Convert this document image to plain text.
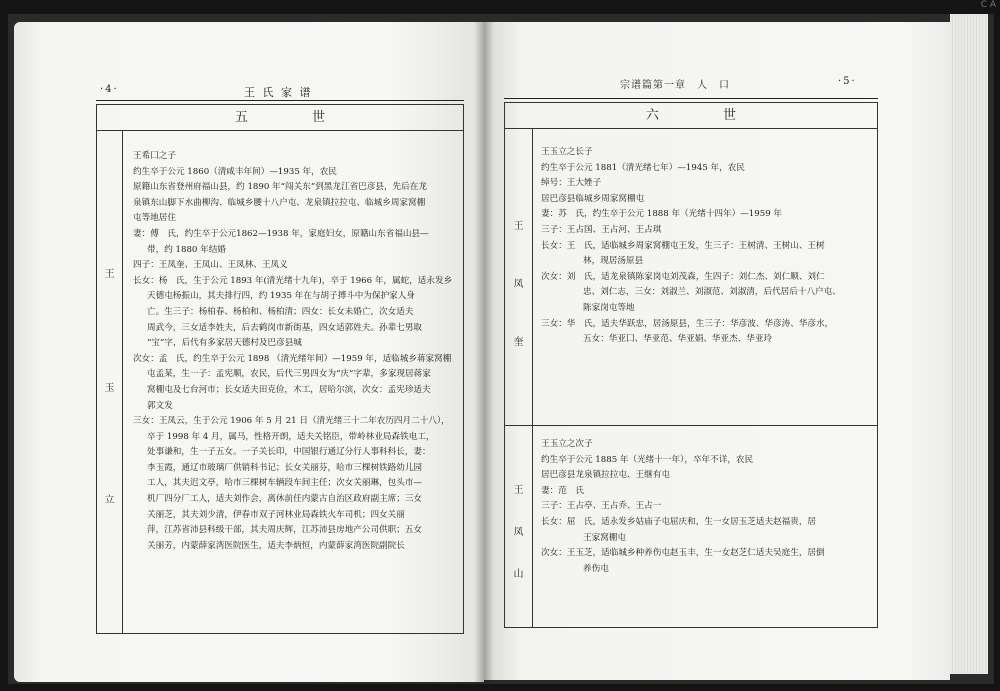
C A
·4·	王 氏 家 谱
五 世
王
玉
立

王希囗之子

约生卒于公元 1860（清咸丰年间）—1935 年，农民

原籍山东省登州府福山县，约 1890 年“闯关东”到黑龙江省巴彦县，先后在龙

泉镇东山脚下水曲柳沟、临城乡腰十八户屯、龙泉镇拉拉屯、临城乡周家窝棚

屯等地居住

妻：傅　氏，约生卒于公元1862—1938 年，家庭妇女，原籍山东省福山县—

带，约 1880 年结婚

四子：王凤奎、王凤山、王凤林、王凤义

长女：杨　氏，生于公元 1893 年(清光绪十九年)，卒于 1966 年，属蛇，适永发乡

天德屯杨振山，其夫排行四，约 1935 年在与胡子搏斗中为保护家人身

亡。生三子：杨柏春、杨柏和、杨柏清；四女：长女未婚亡，次女适夫

周武今，三女适李姓夫，后去鹤岗市新街基，四女适郭姓夫。孙辈七男取

“宝”字，后代有多家居天德村及巴彦县城

次女：孟　氏，约生卒于公元 1898 （清光绪年间）—1959 年，适临城乡蒋家窝棚

屯孟某，生一子：孟宪顺，农民，后代三男四女为“庆”字辈，多家现居蒋家

窝棚屯及七台河市；长女适夫田克俭，木工，居哈尔滨，次女：孟宪珍适夫

郭文发

三女：王凤云，生于公元 1906 年 5 月 21 日（清光绪三十二年农历四月二十八），

卒于 1998 年 4 月，属马，性格开朗，适夫关铭臣，带岭林业局森铁电工，

处事谦和，生一子五女。一子关长印，中国银行通辽分行人事科科长，妻：

李玉霞，通辽市玻璃厂供销科书记；长女关丽芬，哈市三棵树铁路幼儿园

工人，其夫迟文亭，哈市三棵树车辆段车间主任；次女关丽琳，包头市—

机厂四分厂工人，适夫刘作会，离休前任内蒙古自治区政府副主席；三女

关丽芝，其夫刘少清，伊春市双子河林业局森铁火车司机；四女关丽

萍，江苏省沛县科级干部，其夫周庆辉，江苏沛县房地产公司供职；五女

关丽芳，内蒙薛家湾医院医生，适夫李炳恒，内蒙薛家湾医院副院长

宗谱篇第一章　人　口	·5·
六 世
王
凤
奎
王
凤
山

王玉立之长子

约生卒于公元 1881（清光绪七年）—1945 年，农民

绰号：王大矬子

居巴彦县临城乡周家窝棚屯

妻：苏　氏，约生卒于公元 1888 年（光绪十四年）—1959 年

三子：王占国、王占河、王占琪

长女：王　氏，适临城乡周家窝棚屯王发，生三子：王树清、王树山、王树

林，现居汤原县

次女：刘　氏，适龙泉镇陈家岗屯刘茂森，生四子：刘仁杰、刘仁顺、刘仁

忠、刘仁志，三女：刘淑兰、刘淑范、刘淑清，后代居后十八户屯、

陈家岗屯等地

三女：华　氏，适夫华跃忠，居汤原县，生三子：华彦波、华彦涛、华彦水，

五女：华亚囗、华亚范、华亚娟、华亚杰、华亚玲

王玉立之次子

约生卒于公元 1885 年（光绪十一年），卒年不详，农民

居巴彦县龙泉镇拉拉屯、王继有屯

妻：范　氏

三子：王占亭、王占乔、王占一

长女：屈　氏，适永发乡姑庙子屯屈庆和，生一女居玉芝适夫赵福贵，居

王家窝棚屯

次女：王玉芝，适临城乡种养伤屯赵玉丰，生一女赵芝仁适夫吴庭生，居倒

养伤屯
